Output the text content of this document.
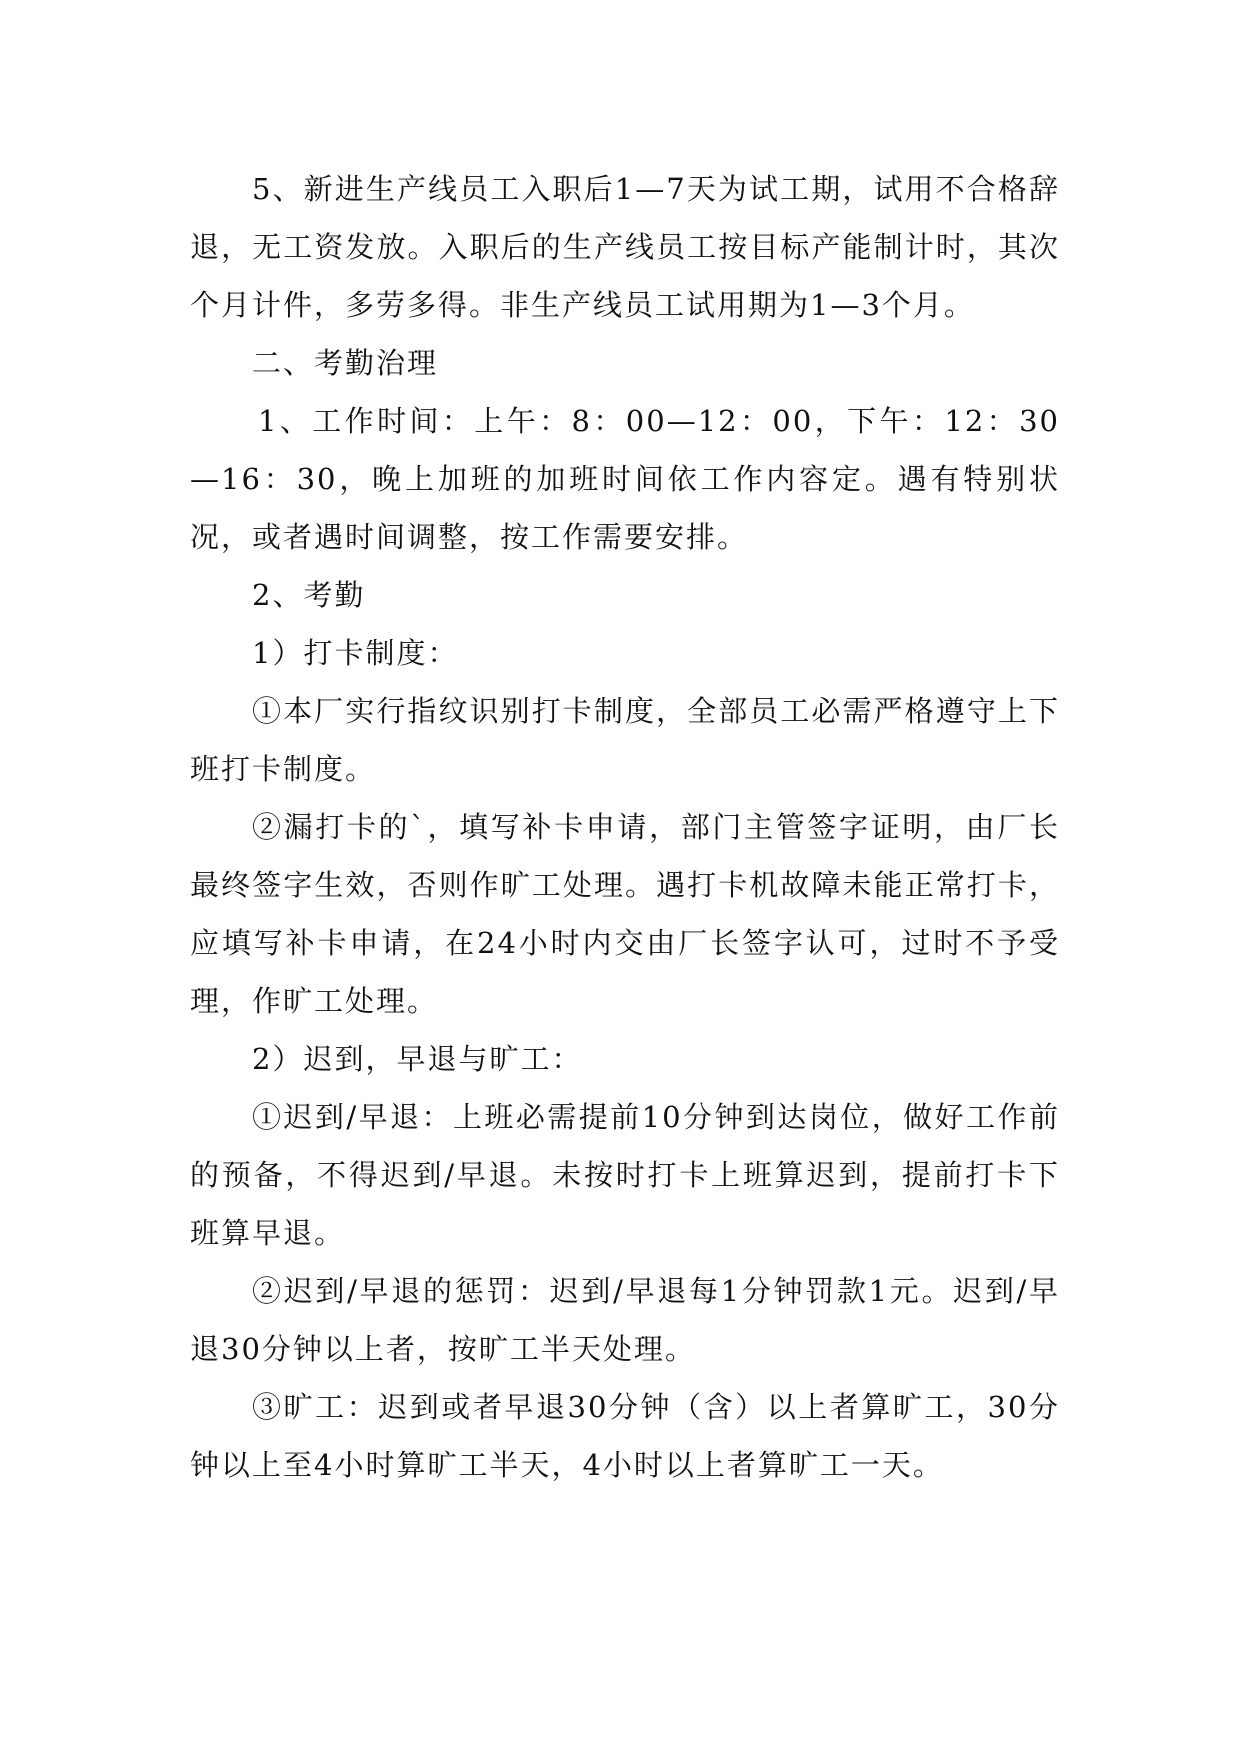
5、新进生产线员工入职后1—7天为试工期，试用不合格辞退，无工资发放。入职后的生产线员工按目标产能制计时，其次个月计件，多劳多得。非生产线员工试用期为1—3个月。

二、考勤治理

1、工作时间：上午：8：00—12：00，下午：12：30—16：30，晚上加班的加班时间依工作内容定。遇有特别状况，或者遇时间调整，按工作需要安排。

2、考勤

1）打卡制度：

①本厂实行指纹识别打卡制度，全部员工必需严格遵守上下班打卡制度。

②漏打卡的`，填写补卡申请，部门主管签字证明，由厂长最终签字生效，否则作旷工处理。遇打卡机故障未能正常打卡，应填写补卡申请，在24小时内交由厂长签字认可，过时不予受理，作旷工处理。

2）迟到，早退与旷工：

①迟到/早退：上班必需提前10分钟到达岗位，做好工作前的预备，不得迟到/早退。未按时打卡上班算迟到，提前打卡下班算早退。

②迟到/早退的惩罚：迟到/早退每1分钟罚款1元。迟到/早退30分钟以上者，按旷工半天处理。

③旷工：迟到或者早退30分钟（含）以上者算旷工，30分钟以上至4小时算旷工半天，4小时以上者算旷工一天。
